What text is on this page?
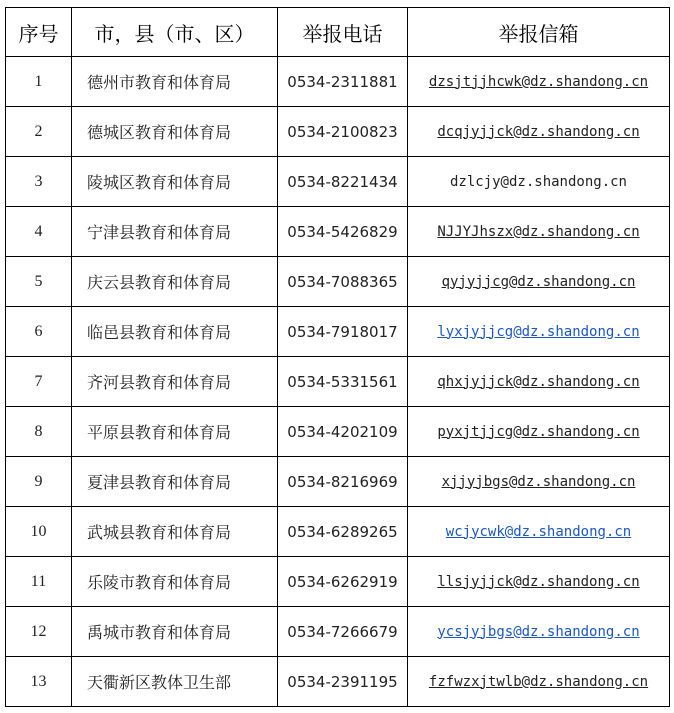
序号	市，县（市、区）	举报电话	举报信箱
1	德州市教育和体育局	0534-2311881	dzsjtjjhcwk@dz.shandong.cn
2	德城区教育和体育局	0534-2100823	dcqjyjjck@dz.shandong.cn
3	陵城区教育和体育局	0534-8221434	dzlcjy@dz.shandong.cn
4	宁津县教育和体育局	0534-5426829	NJJYJhszx@dz.shandong.cn
5	庆云县教育和体育局	0534-7088365	qyjyjjcg@dz.shandong.cn
6	临邑县教育和体育局	0534-7918017	lyxjyjjcg@dz.shandong.cn
7	齐河县教育和体育局	0534-5331561	qhxjyjjck@dz.shandong.cn
8	平原县教育和体育局	0534-4202109	pyxjtjjcg@dz.shandong.cn
9	夏津县教育和体育局	0534-8216969	xjjyjbgs@dz.shandong.cn
10	武城县教育和体育局	0534-6289265	wcjycwk@dz.shandong.cn
11	乐陵市教育和体育局	0534-6262919	llsjyjjck@dz.shandong.cn
12	禹城市教育和体育局	0534-7266679	ycsjyjbgs@dz.shandong.cn
13	天衢新区教体卫生部	0534-2391195	fzfwzxjtwlb@dz.shandong.cn
